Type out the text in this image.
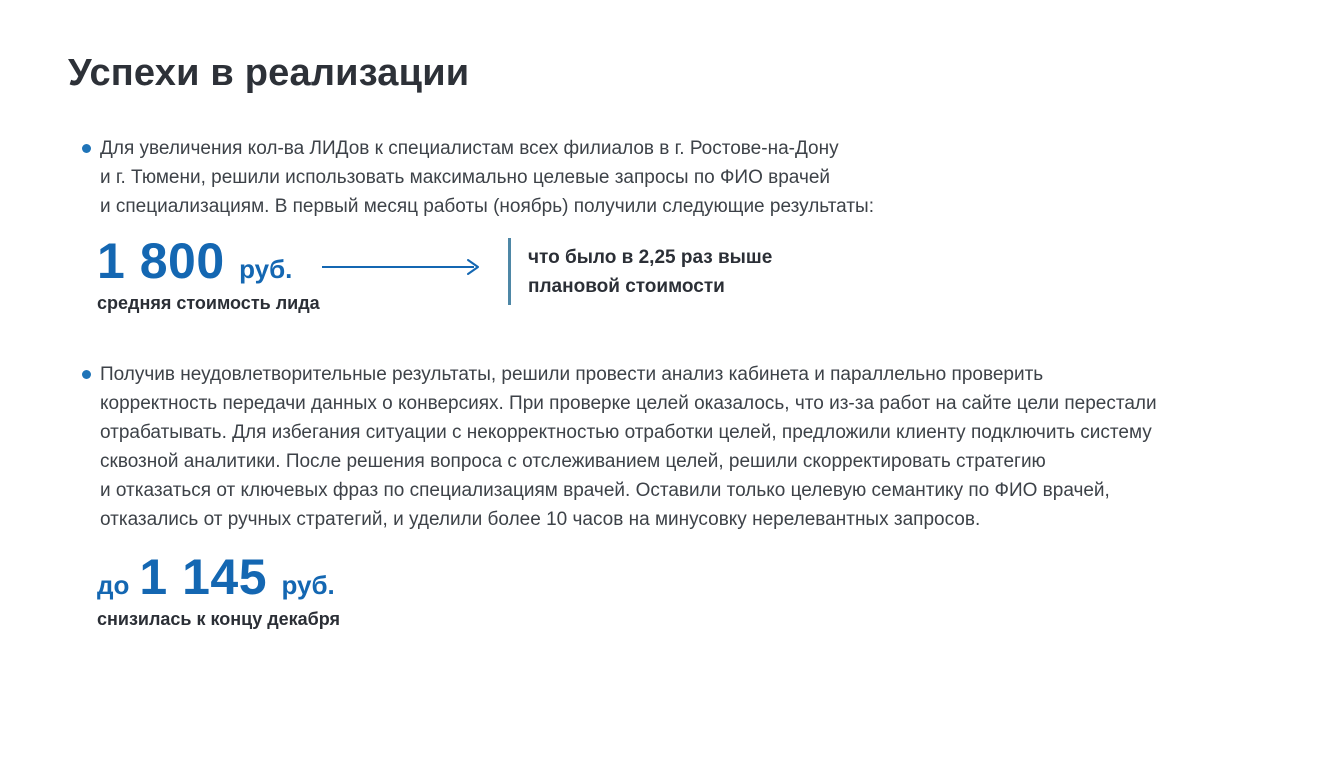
Успехи в реализации
Для увеличения кол-ва ЛИДов к специалистам всех филиалов в г. Ростове-на-Дону
и г. Тюмени, решили использовать максимально целевые запросы по ФИО врачей
и специализациям. В первый месяц работы (ноябрь) получили следующие результаты:
1 800 руб.
средняя стоимость лида
что было в 2,25 раз выше
плановой стоимости
Получив неудовлетворительные результаты, решили провести анализ кабинета и параллельно проверить
корректность передачи данных о конверсиях. При проверке целей оказалось, что из-за работ на сайте цели перестали
отрабатывать. Для избегания ситуации с некорректностью отработки целей, предложили клиенту подключить систему
сквозной аналитики. После решения вопроса с отслеживанием целей, решили скорректировать стратегию
и отказаться от ключевых фраз по специализациям врачей. Оставили только целевую семантику по ФИО врачей,
отказались от ручных стратегий, и уделили более 10 часов на минусовку нерелевантных запросов.
до 1 145 руб.
снизилась к концу декабря
